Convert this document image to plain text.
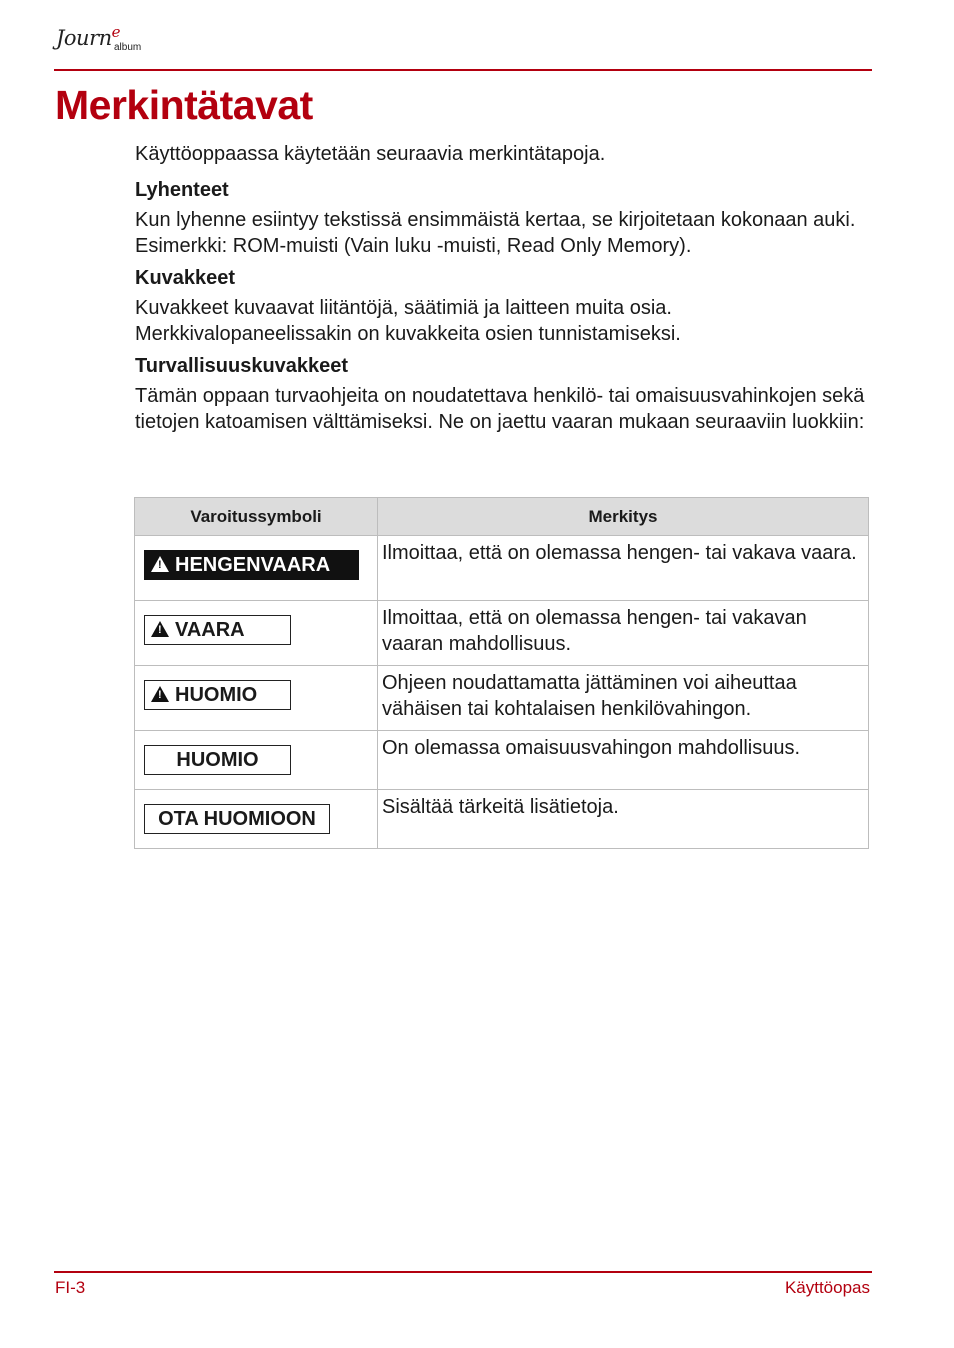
Journ$^e$
album
Merkintätavat

Käyttöoppaassa käytetään seuraavia merkintätapoja.

Lyhenteet

Kun lyhenne esiintyy tekstissä ensimmäistä kertaa, se kirjoitetaan kokonaan auki. Esimerkki: ROM-muisti (Vain luku -muisti, Read Only Memory).

Kuvakkeet

Kuvakkeet kuvaavat liitäntöjä, säätimiä ja laitteen muita osia. Merkkivalopaneelissakin on kuvakkeita osien tunnistamiseksi.

Turvallisuuskuvakkeet

Tämän oppaan turvaohjeita on noudatettava henkilö- tai omaisuusvahinkojen sekä tietojen katoamisen välttämiseksi. Ne on jaettu vaaran mukaan seuraaviin luokkiin:

Varoitussymboli	Merkitys

!
HENGENVAARA	Ilmoittaa, että on olemassa hengen- tai vakava vaara.

!
VAARA	Ilmoittaa, että on olemassa hengen- tai vakavan vaaran mahdollisuus.

!
HUOMIO	Ohjeen noudattamatta jättäminen voi aiheuttaa vähäisen tai kohtalaisen henkilövahingon.

HUOMIO	On olemassa omaisuusvahingon mahdollisuus.

OTA HUOMIOON	Sisältää tärkeitä lisätietoja.
FI-3	Käyttöopas
